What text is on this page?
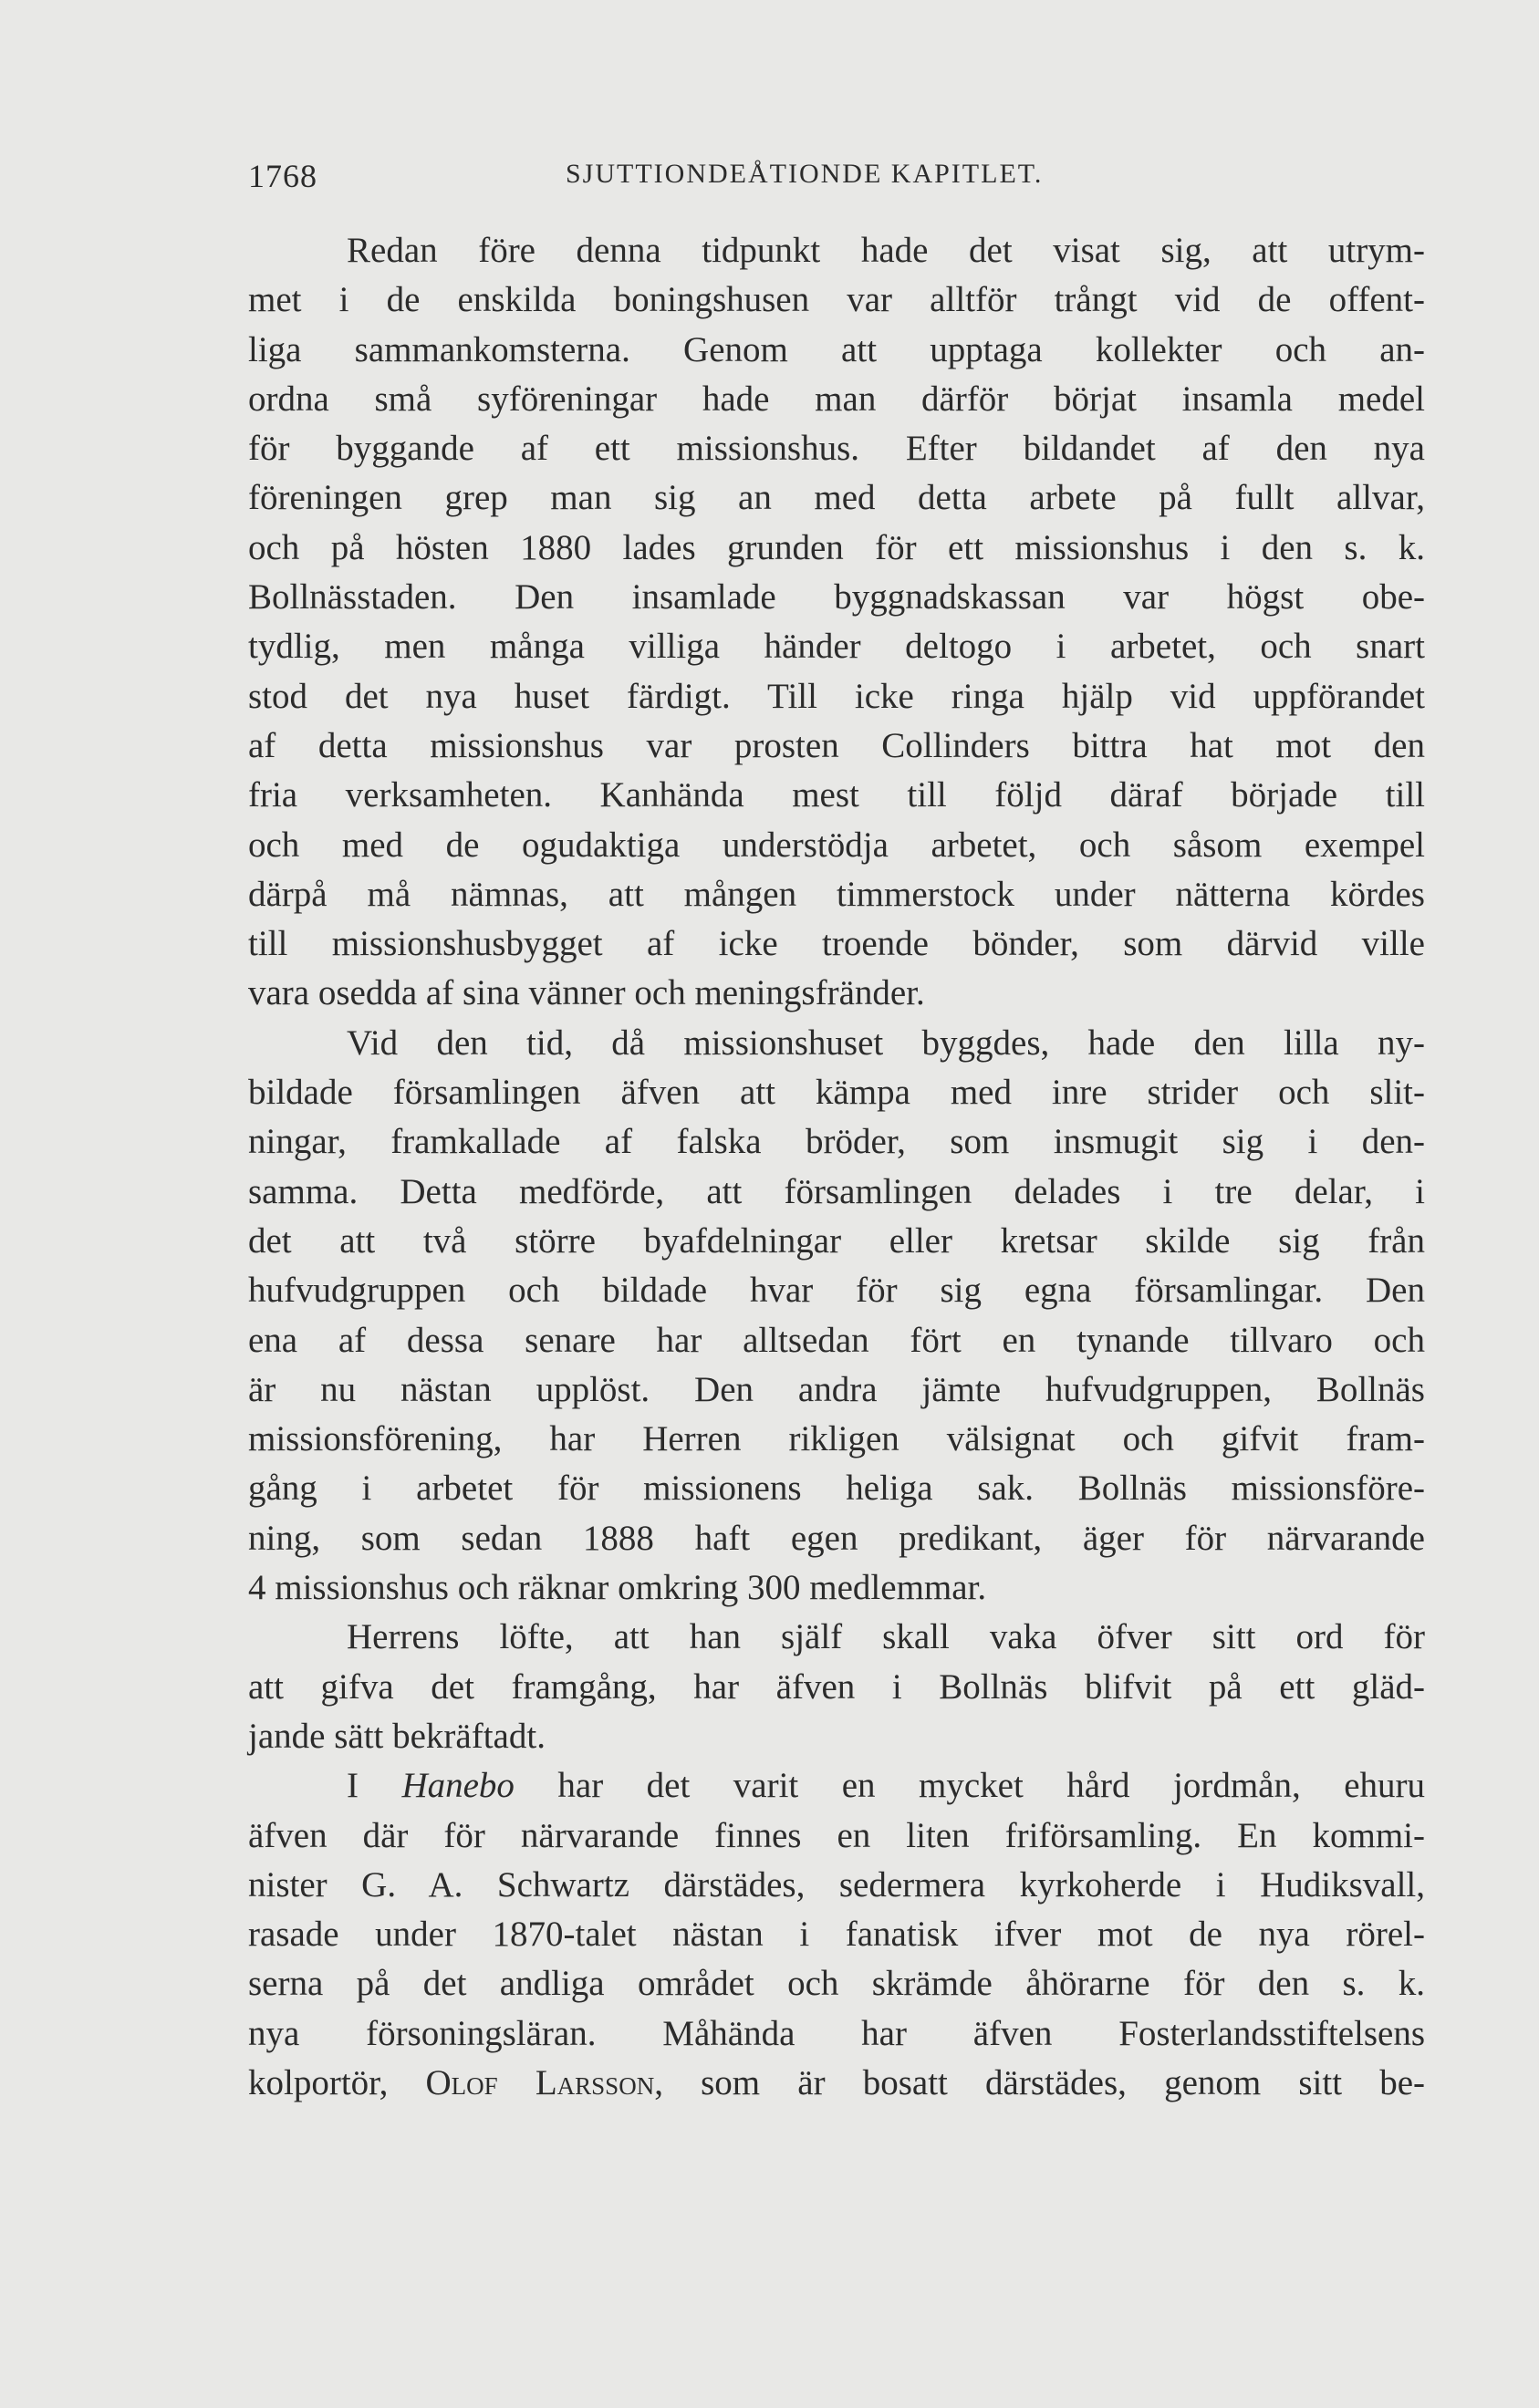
1768	SJUTTIONDEÅTIONDE KAPITLET.
Redan före denna tidpunkt hade det visat sig, att utrym-
met i de enskilda boningshusen var alltför trångt vid de offent-
liga sammankomsterna. Genom att upptaga kollekter och an-
ordna små syföreningar hade man därför börjat insamla medel
för byggande af ett missionshus. Efter bildandet af den nya
föreningen grep man sig an med detta arbete på fullt allvar,
och på hösten 1880 lades grunden för ett missionshus i den s. k.
Bollnässtaden. Den insamlade byggnadskassan var högst obe-
tydlig, men många villiga händer deltogo i arbetet, och snart
stod det nya huset färdigt. Till icke ringa hjälp vid uppförandet
af detta missionshus var prosten Collinders bittra hat mot den
fria verksamheten. Kanhända mest till följd däraf började till
och med de ogudaktiga understödja arbetet, och såsom exempel
därpå må nämnas, att mången timmerstock under nätterna kördes
till missionshusbygget af icke troende bönder, som därvid ville
vara osedda af sina vänner och meningsfränder.
Vid den tid, då missionshuset byggdes, hade den lilla ny-
bildade församlingen äfven att kämpa med inre strider och slit-
ningar, framkallade af falska bröder, som insmugit sig i den-
samma. Detta medförde, att församlingen delades i tre delar, i
det att två större byafdelningar eller kretsar skilde sig från
hufvudgruppen och bildade hvar för sig egna församlingar. Den
ena af dessa senare har alltsedan fört en tynande tillvaro och
är nu nästan upplöst. Den andra jämte hufvudgruppen, Bollnäs
missionsförening, har Herren rikligen välsignat och gifvit fram-
gång i arbetet för missionens heliga sak. Bollnäs missionsföre-
ning, som sedan 1888 haft egen predikant, äger för närvarande
4 missionshus och räknar omkring 300 medlemmar.
Herrens löfte, att han själf skall vaka öfver sitt ord för
att gifva det framgång, har äfven i Bollnäs blifvit på ett gläd-
jande sätt bekräftadt.
I Hanebo har det varit en mycket hård jordmån, ehuru
äfven där för närvarande finnes en liten friförsamling. En kommi-
nister G. A. Schwartz därstädes, sedermera kyrkoherde i Hudiksvall,
rasade under 1870-talet nästan i fanatisk ifver mot de nya rörel-
serna på det andliga området och skrämde åhörarne för den s. k.
nya försoningsläran. Måhända har äfven Fosterlandsstiftelsens
kolportör, Olof Larsson, som är bosatt därstädes, genom sitt be-
